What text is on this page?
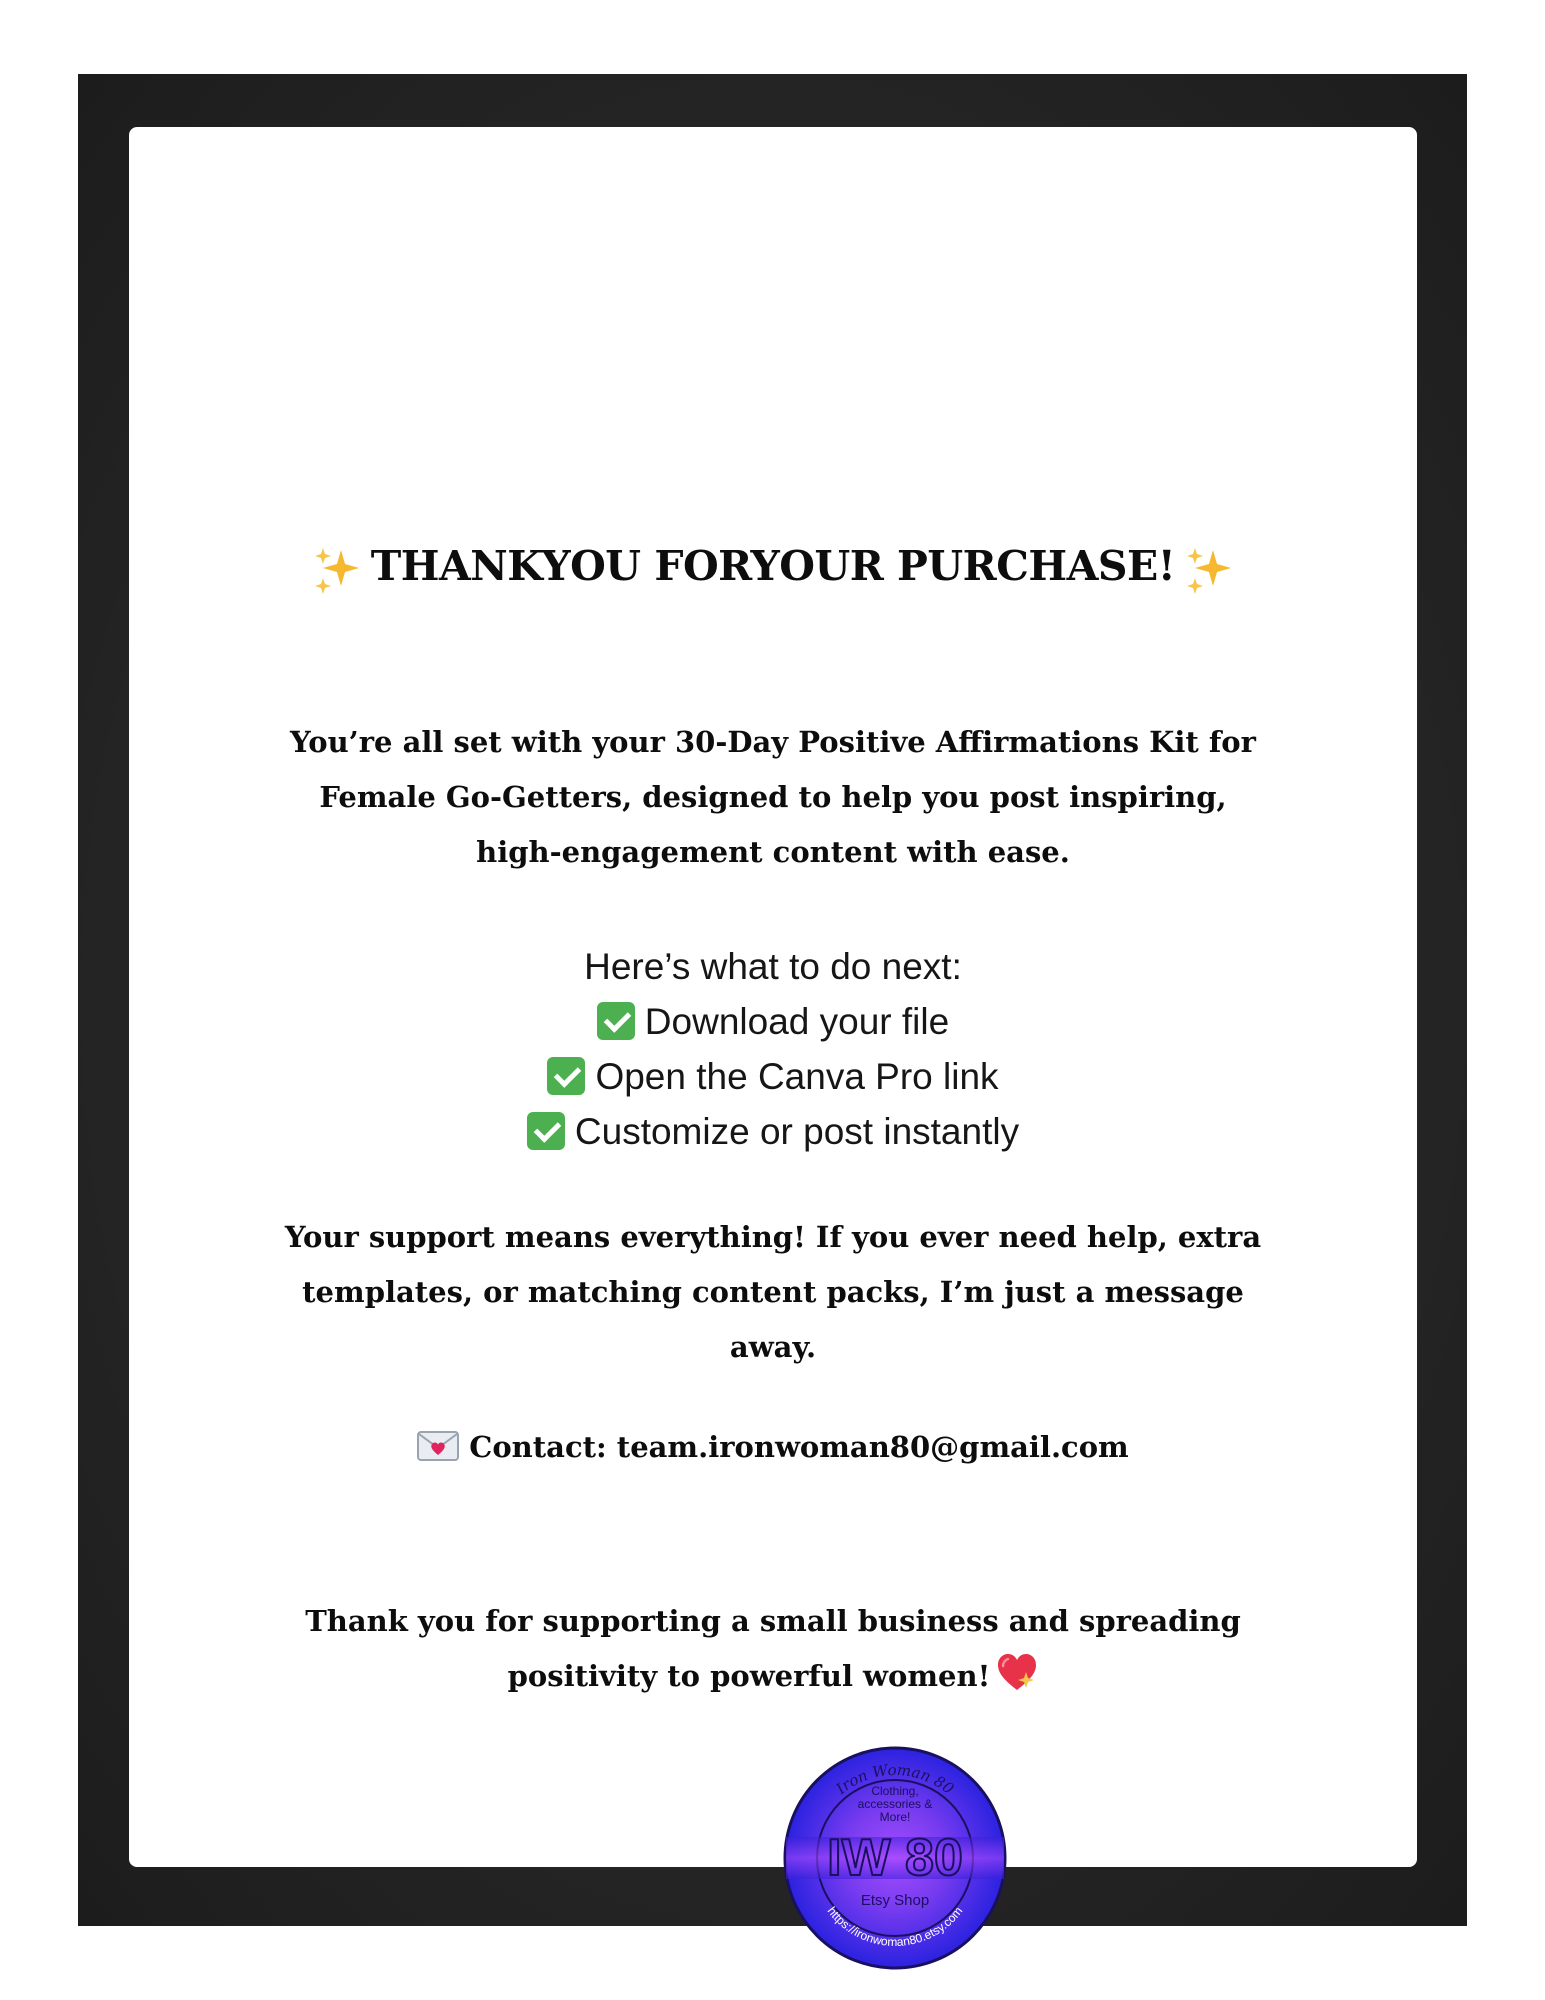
THANKYOU FORYOUR PURCHASE!
You’re all set with your 30-Day Positive Affirmations Kit for Female Go-Getters, designed to help you post inspiring, high-engagement content with ease.
Here’s what to do next:
Download your file
Open the Canva Pro link
Customize or post instantly
Your support means everything! If you ever need help, extra templates, or matching content packs, I’m just a message away.
Contact: team.ironwoman80@gmail.com
Thank you for supporting a small business and spreading positivity to powerful women!
Iron Woman 80
Clothing,
accessories &
More!
IW 80
Etsy Shop
https://ironwoman80.etsy.com
